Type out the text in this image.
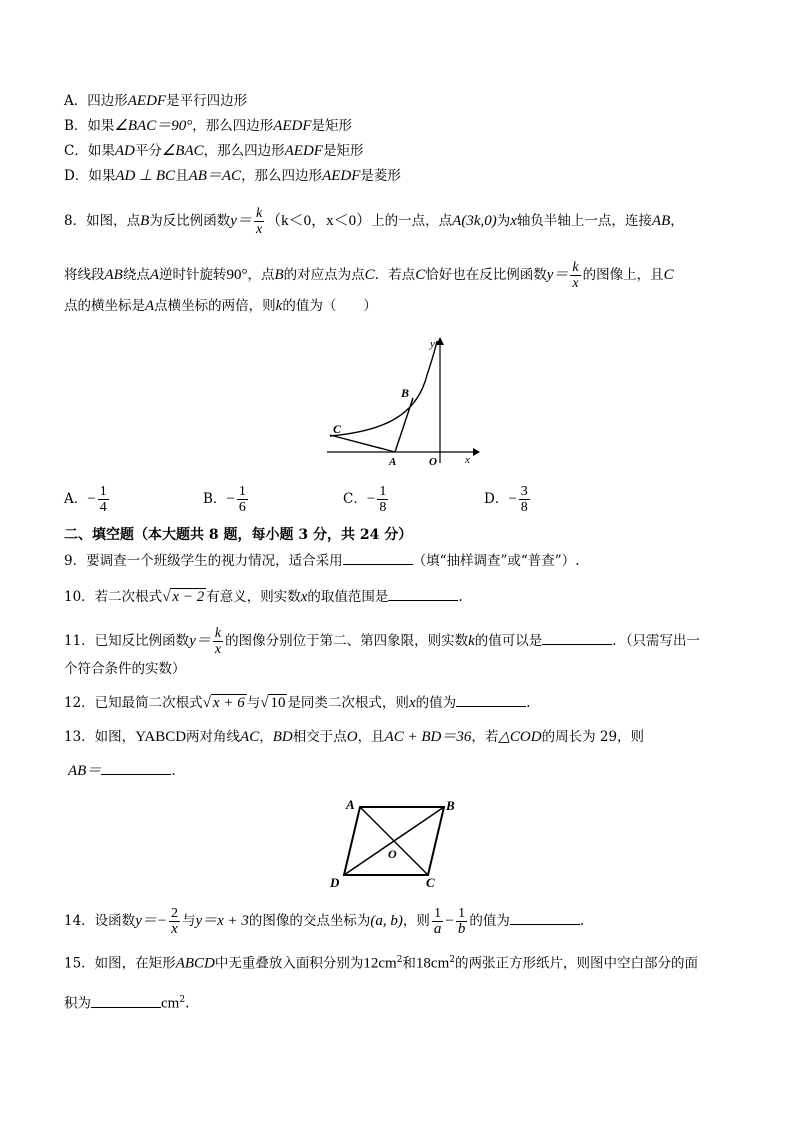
A．四边形AEDF是平行四边形
B．如果∠BAC＝90°，那么四边形AEDF是矩形
C．如果AD平分∠BAC，那么四边形AEDF是矩形
D．如果AD ⊥ BC且AB＝AC，那么四边形AEDF是菱形
8．如图，点B为反比例函数$y= \frac{k}{x} (k<0$，x＜0）上的一点，点A(3k,0)为x轴负半轴上一点，连接AB，
将线段AB绕点A逆时针旋转90°，点B的对应点为点C．若点C恰好也在反比例函数$y= \frac{k}{x}$ 的图像上，且C
点的横坐标是A点横坐标的两倍，则k的值为（　　）
y
B
C
A	O	x
A．− $\frac{1}{4}$	B．− $\frac{1}{6}$	C．− $\frac{1}{8}$	D．− $\frac{3}{8}$
二、填空题（本大题共 8 题，每小题 3 分，共 24 分）
9．要调查一个班级学生的视力情况，适合采用	（填“抽样调查”或“普查”）.
10．若二次根式√ x − 2 有意义，则实数x的取值范围是	.
11．已知反比例函数$y= \frac{k}{x}$ 的图像分别位于第二、第四象限，则实数k的值可以是	．（只需写出一
个符合条件的实数）
12．已知最简二次根式√ x + 6 与√ 10 是同类二次根式，则x的值为	.
13．如图，YABCD两对角线AC，BD相交于点O，且AC + BD＝36，若△COD的周长为 29，则
AB＝	.
A	B
O
D	C
14．设函数$y=- \frac{2}{x}$ 与y＝x + 3的图像的交点坐标为(a, b)，则 $\frac{1}{a} - \frac{1}{b}$ 的值为	.
15．如图，在矩形ABCD中无重叠放入面积分别为$12cm^2$和$18cm^2$的两张正方形纸片，则图中空白部分的面
积为	$cm^2$.
